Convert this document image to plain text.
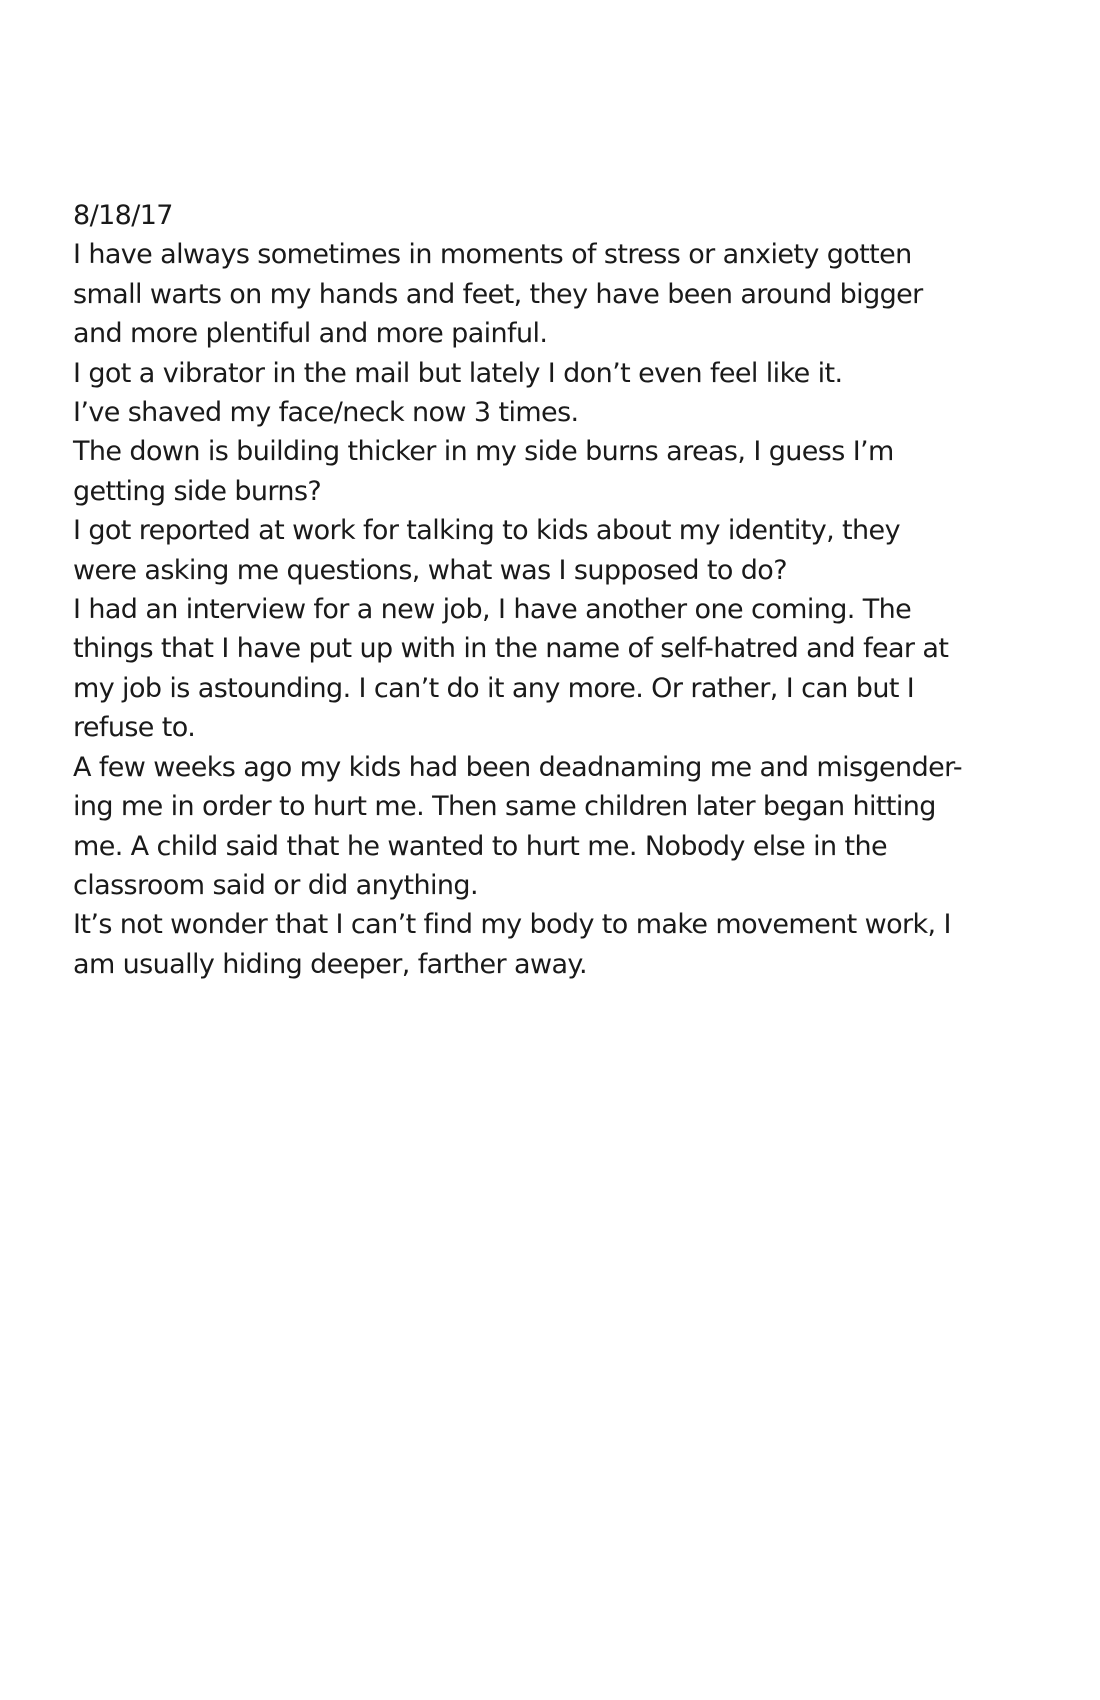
8/18/17
I have always sometimes in moments of stress or anxiety gotten
small warts on my hands and feet, they have been around bigger
and more plentiful and more painful.
I got a vibrator in the mail but lately I don’t even feel like it.
I’ve shaved my face/neck now 3 times.
The down is building thicker in my side burns areas, I guess I’m
getting side burns?
I got reported at work for talking to kids about my identity, they
were asking me questions, what was I supposed to do?
I had an interview for a new job, I have another one coming. The
things that I have put up with in the name of self-hatred and fear at
my job is astounding. I can’t do it any more. Or rather, I can but I
refuse to.
A few weeks ago my kids had been deadnaming me and misgender-
ing me in order to hurt me. Then same children later began hitting
me. A child said that he wanted to hurt me. Nobody else in the
classroom said or did anything.
It’s not wonder that I can’t find my body to make movement work, I
am usually hiding deeper, farther away.
